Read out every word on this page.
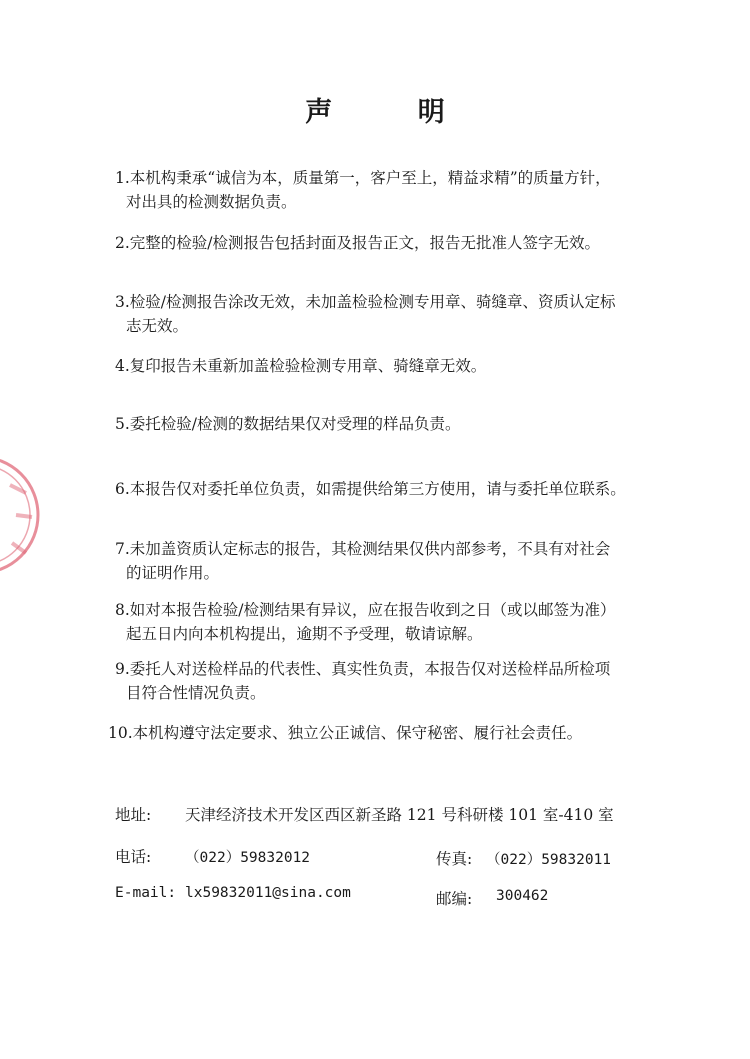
声 明
1.本机构秉承“诚信为本，质量第一，客户至上，精益求精”的质量方针，
对出具的检测数据负责。
2.完整的检验/检测报告包括封面及报告正文，报告无批准人签字无效。
3.检验/检测报告涂改无效，未加盖检验检测专用章、骑缝章、资质认定标
志无效。
4.复印报告未重新加盖检验检测专用章、骑缝章无效。
5.委托检验/检测的数据结果仅对受理的样品负责。
6.本报告仅对委托单位负责，如需提供给第三方使用，请与委托单位联系。
7.未加盖资质认定标志的报告，其检测结果仅供内部参考，不具有对社会
的证明作用。
8.如对本报告检验/检测结果有异议，应在报告收到之日（或以邮签为准）
起五日内向本机构提出，逾期不予受理，敬请谅解。
9.委托人对送检样品的代表性、真实性负责，本报告仅对送检样品所检项
目符合性情况负责。
10.本机构遵守法定要求、独立公正诚信、保守秘密、履行社会责任。
地址: 天津经济技术开发区西区新圣路 121 号科研楼 101 室-410 室
电话: （022）59832012	传真: （022）59832011
E-mail: lx59832011@sina.com	邮编: 300462
